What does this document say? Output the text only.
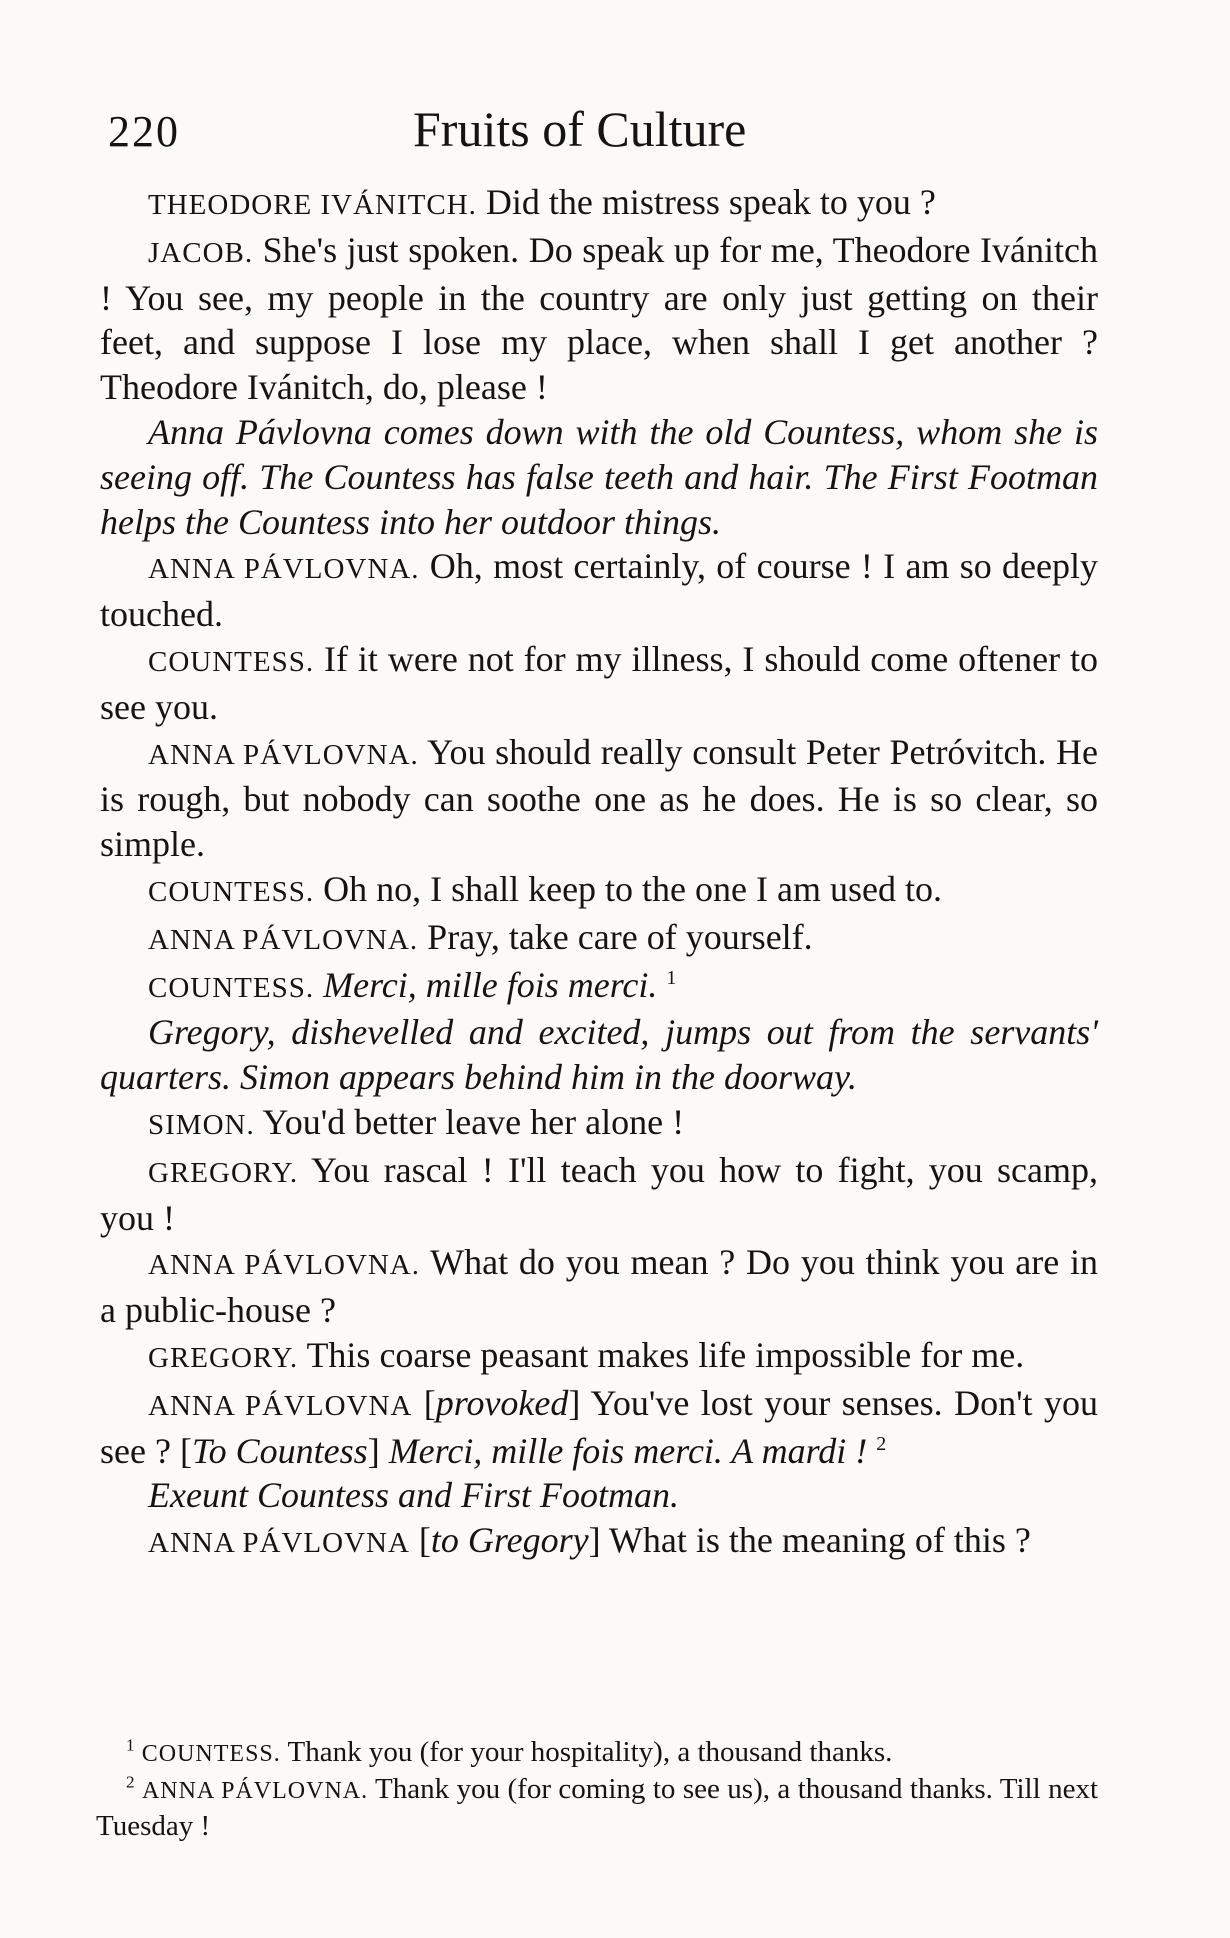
220	Fruits of Culture

THEODORE IVÁNITCH. Did the mistress speak to you ?

JACOB. She's just spoken. Do speak up for me, Theodore Ivánitch ! You see, my people in the country are only just getting on their feet, and suppose I lose my place, when shall I get another ? Theodore Ivánitch, do, please !

Anna Pávlovna comes down with the old Countess, whom she is seeing off. The Countess has false teeth and hair. The First Footman helps the Countess into her outdoor things.

ANNA PÁVLOVNA. Oh, most certainly, of course ! I am so deeply touched.

COUNTESS. If it were not for my illness, I should come oftener to see you.

ANNA PÁVLOVNA. You should really consult Peter Petróvitch. He is rough, but nobody can soothe one as he does. He is so clear, so simple.

COUNTESS. Oh no, I shall keep to the one I am used to.

ANNA PÁVLOVNA. Pray, take care of yourself.

COUNTESS. Merci, mille fois merci. $^1$

Gregory, dishevelled and excited, jumps out from the servants' quarters. Simon appears behind him in the doorway.

SIMON. You'd better leave her alone !

GREGORY. You rascal ! I'll teach you how to fight, you scamp, you !

ANNA PÁVLOVNA. What do you mean ? Do you think you are in a public-house ?

GREGORY. This coarse peasant makes life impossible for me.

ANNA PÁVLOVNA [provoked] You've lost your senses. Don't you see ? [To Countess] Merci, mille fois merci. A mardi ! $^2$

Exeunt Countess and First Footman.

ANNA PÁVLOVNA [to Gregory] What is the meaning of this ?

$^1$ COUNTESS. Thank you (for your hospitality), a thousand thanks.

$^2$ ANNA PÁVLOVNA. Thank you (for coming to see us), a thousand thanks. Till next Tuesday !
